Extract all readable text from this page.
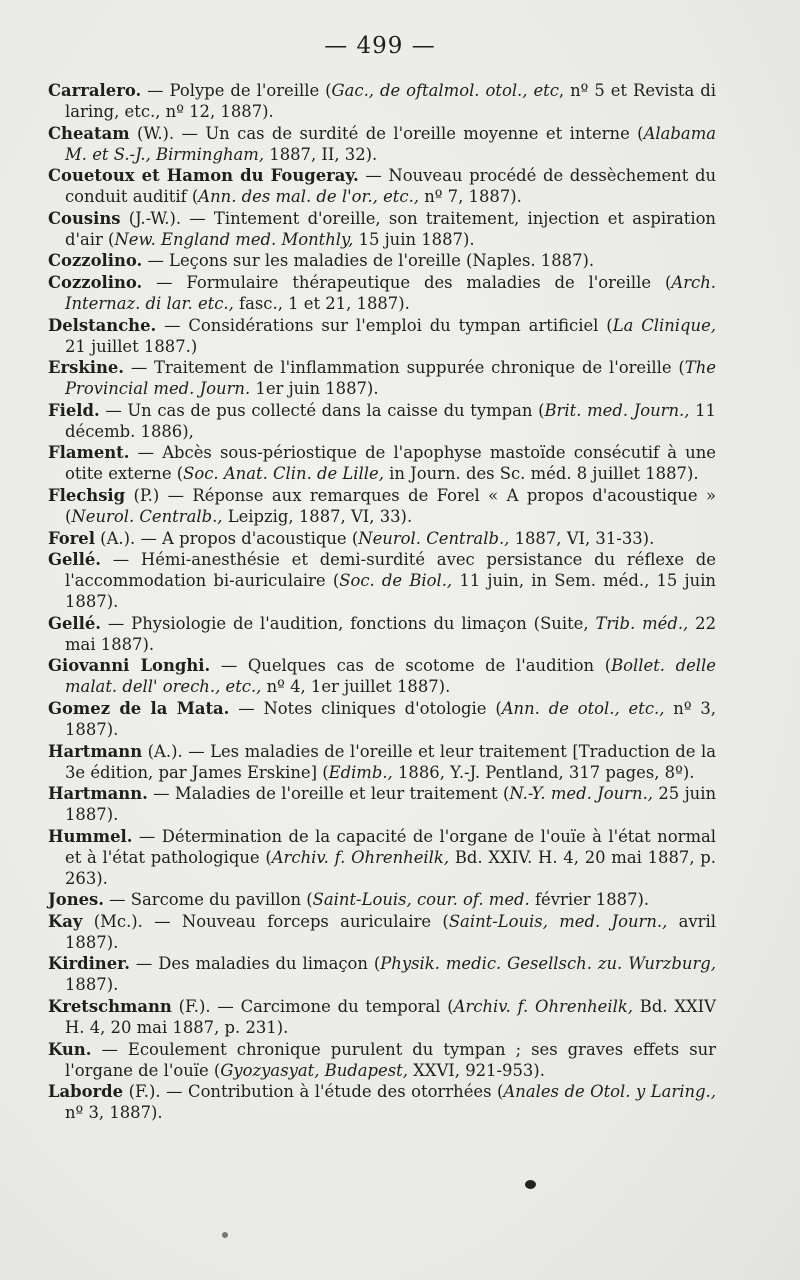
— 499 —
Carralero. — Polype de l'oreille (Gac., de oftalmol. otol., etc, nº 5 et Revista di laring, etc., nº 12, 1887).
Cheatam (W.). — Un cas de surdité de l'oreille moyenne et interne (Alabama M. et S.-J., Birmingham, 1887, II, 32).
Couetoux et Hamon du Fougeray. — Nouveau procédé de dessèchement du conduit auditif (Ann. des mal. de l'or., etc., nº 7, 1887).
Cousins (J.-W.). — Tintement d'oreille, son traitement, injection et aspiration d'air (New. England med. Monthly, 15 juin 1887).
Cozzolino. — Leçons sur les maladies de l'oreille (Naples. 1887).
Cozzolino. — Formulaire thérapeutique des maladies de l'oreille (Arch. Internaz. di lar. etc., fasc., 1 et 21, 1887).
Delstanche. — Considérations sur l'emploi du tympan artificiel (La Clinique, 21 juillet 1887.)
Erskine. — Traitement de l'inflammation suppurée chronique de l'oreille (The Provincial med. Journ. 1er juin 1887).
Field. — Un cas de pus collecté dans la caisse du tympan (Brit. med. Journ., 11 décemb. 1886),
Flament. — Abcès sous-périostique de l'apophyse mastoïde consécutif à une otite externe (Soc. Anat. Clin. de Lille, in Journ. des Sc. méd. 8 juillet 1887).
Flechsig (P.) — Réponse aux remarques de Forel « A propos d'acoustique » (Neurol. Centralb., Leipzig, 1887, VI, 33).
Forel (A.). — A propos d'acoustique (Neurol. Centralb., 1887, VI, 31-33).
Gellé. — Hémi-anesthésie et demi-surdité avec persistance du réflexe de l'accommodation bi-auriculaire (Soc. de Biol., 11 juin, in Sem. méd., 15 juin 1887).
Gellé. — Physiologie de l'audition, fonctions du limaçon (Suite, Trib. méd., 22 mai 1887).
Giovanni Longhi. — Quelques cas de scotome de l'audition (Bollet. delle malat. dell' orech., etc., nº 4, 1er juillet 1887).
Gomez de la Mata. — Notes cliniques d'otologie (Ann. de otol., etc., nº 3, 1887).
Hartmann (A.). — Les maladies de l'oreille et leur traitement [Traduction de la 3e édition, par James Erskine] (Edimb., 1886, Y.-J. Pentland, 317 pages, 8º).
Hartmann. — Maladies de l'oreille et leur traitement (N.-Y. med. Journ., 25 juin 1887).
Hummel. — Détermination de la capacité de l'organe de l'ouïe à l'état normal et à l'état pathologique (Archiv. f. Ohrenheilk, Bd. XXIV. H. 4, 20 mai 1887, p. 263).
Jones. — Sarcome du pavillon (Saint-Louis, cour. of. med. février 1887).
Kay (Mc.). — Nouveau forceps auriculaire (Saint-Louis, med. Journ., avril 1887).
Kirdiner. — Des maladies du limaçon (Physik. medic. Gesellsch. zu. Wurzburg, 1887).
Kretschmann (F.). — Carcimone du temporal (Archiv. f. Ohrenheilk, Bd. XXIV H. 4, 20 mai 1887, p. 231).
Kun. — Ecoulement chronique purulent du tympan ; ses graves effets sur l'organe de l'ouïe (Gyozyasyat, Budapest, XXVI, 921-953).
Laborde (F.). — Contribution à l'étude des otorrhées (Anales de Otol. y Laring., nº 3, 1887).
